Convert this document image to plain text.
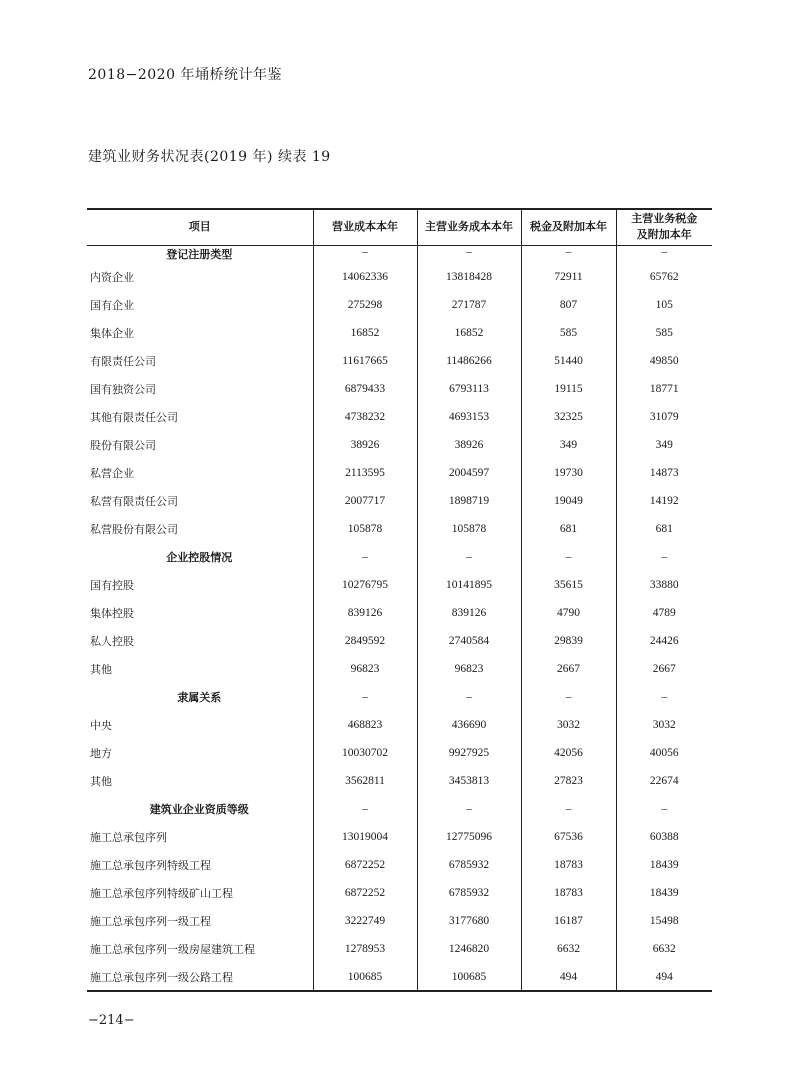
2018−2020 年埇桥统计年鉴
建筑业财务状况表(2019 年) 续表 19
项目	营业成本本年	主营业务成本本年	税金及附加本年	主营业务税金及附加本年
登记注册类型	–	–	–	–
内资企业	14062336	13818428	72911	65762
国有企业	275298	271787	807	105
集体企业	16852	16852	585	585
有限责任公司	11617665	11486266	51440	49850
国有独资公司	6879433	6793113	19115	18771
其他有限责任公司	4738232	4693153	32325	31079
股份有限公司	38926	38926	349	349
私营企业	2113595	2004597	19730	14873
私营有限责任公司	2007717	1898719	19049	14192
私营股份有限公司	105878	105878	681	681
企业控股情况	–	–	–	–
国有控股	10276795	10141895	35615	33880
集体控股	839126	839126	4790	4789
私人控股	2849592	2740584	29839	24426
其他	96823	96823	2667	2667
隶属关系	–	–	–	–
中央	468823	436690	3032	3032
地方	10030702	9927925	42056	40056
其他	3562811	3453813	27823	22674
建筑业企业资质等级	–	–	–	–
施工总承包序列	13019004	12775096	67536	60388
施工总承包序列特级工程	6872252	6785932	18783	18439
施工总承包序列特级矿山工程	6872252	6785932	18783	18439
施工总承包序列一级工程	3222749	3177680	16187	15498
施工总承包序列一级房屋建筑工程	1278953	1246820	6632	6632
施工总承包序列一级公路工程	100685	100685	494	494
−214−
